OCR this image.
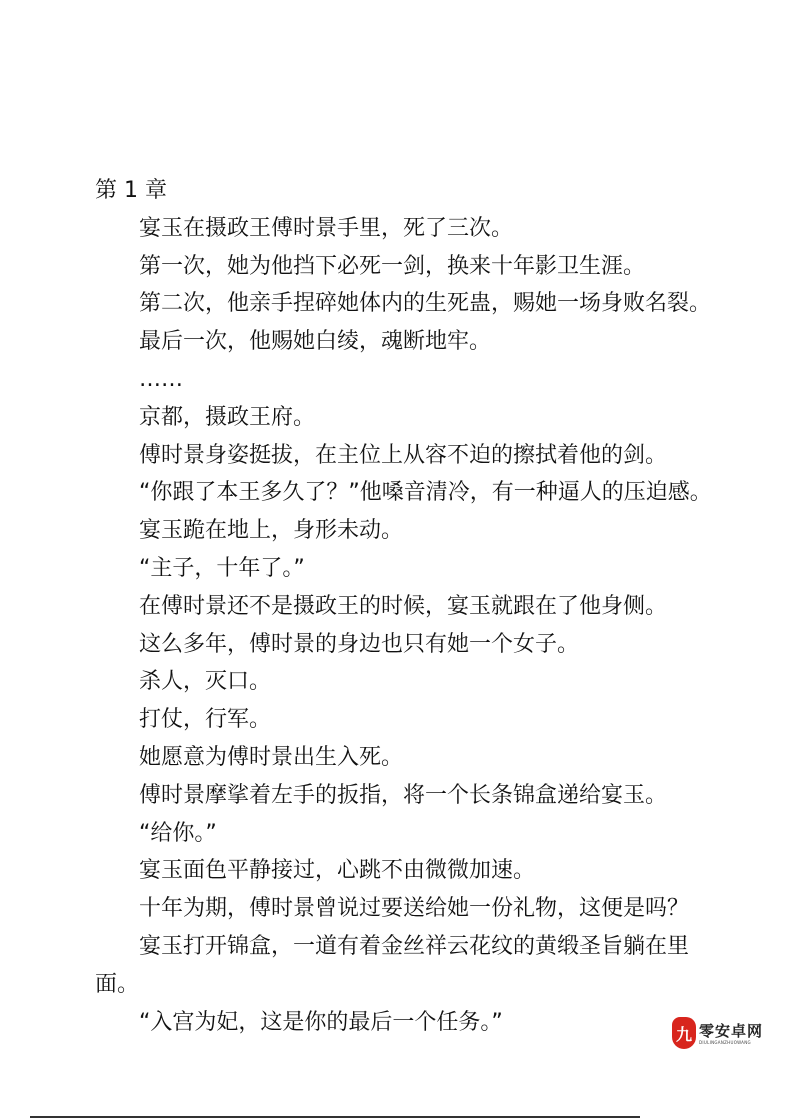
第 1 章

宴玉在摄政王傅时景手里，死了三次。

第一次，她为他挡下必死一剑，换来十年影卫生涯。

第二次，他亲手捏碎她体内的生死蛊，赐她一场身败名裂。

最后一次，他赐她白绫，魂断地牢。

……

京都，摄政王府。

傅时景身姿挺拔，在主位上从容不迫的擦拭着他的剑。

“你跟了本王多久了？”他嗓音清冷，有一种逼人的压迫感。

宴玉跪在地上，身形未动。

“主子，十年了。”

在傅时景还不是摄政王的时候，宴玉就跟在了他身侧。

这么多年，傅时景的身边也只有她一个女子。

杀人，灭口。

打仗，行军。

她愿意为傅时景出生入死。

傅时景摩挲着左手的扳指，将一个长条锦盒递给宴玉。

“给你。”

宴玉面色平静接过，心跳不由微微加速。

十年为期，傅时景曾说过要送给她一份礼物，这便是吗？

宴玉打开锦盒，一道有着金丝祥云花纹的黄缎圣旨躺在里面。

“入宫为妃，这是你的最后一个任务。”	九 零安卓网
DIULINGANZHUOWANG
